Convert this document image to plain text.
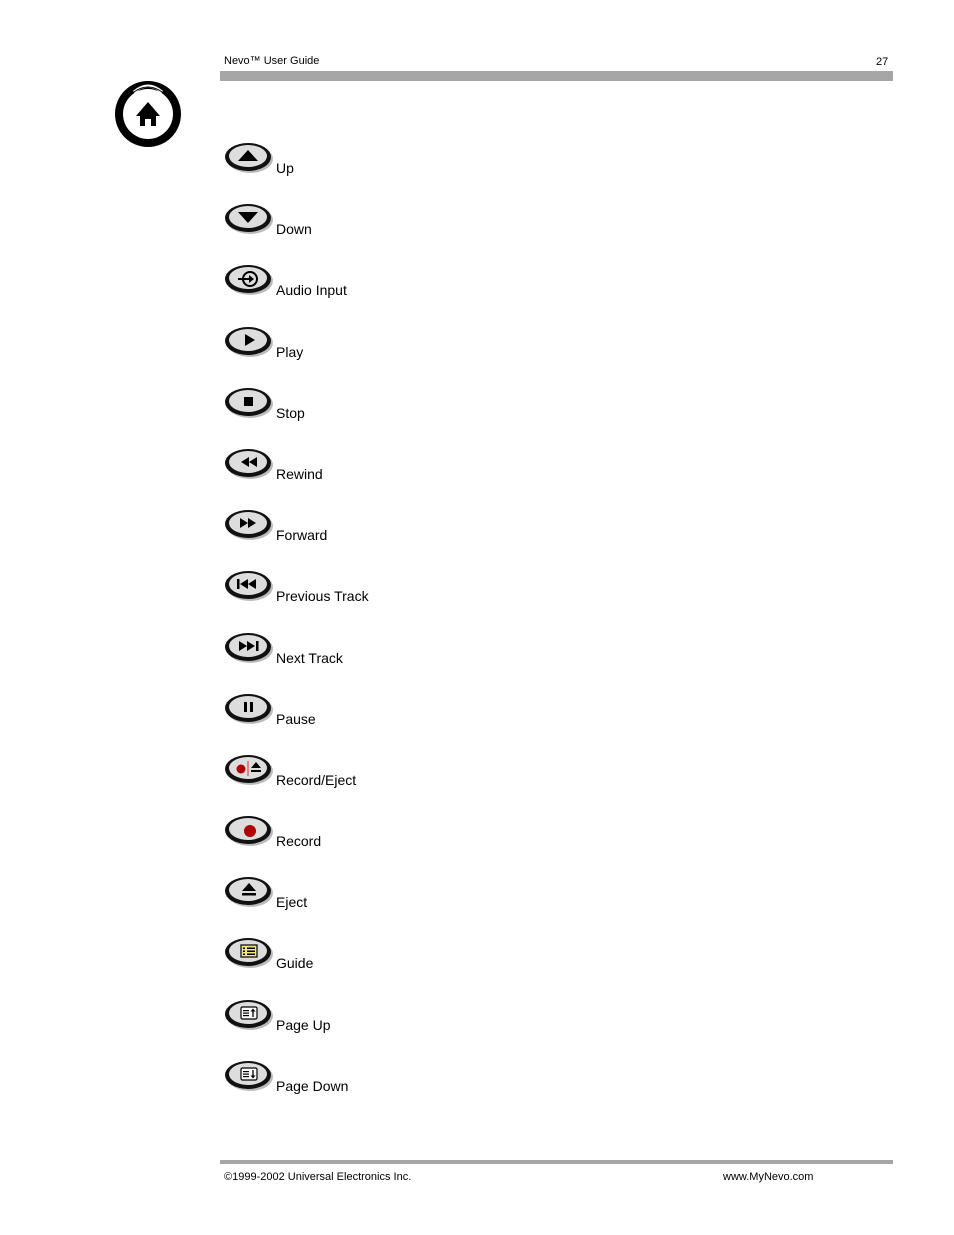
Nevo™ User Guide	27
Up
Down
Audio Input
Play
Stop
Rewind
Forward
Previous Track
Next Track
Pause
Record/Eject
Record
Eject
Guide
Page Up
Page Down
©1999-2002 Universal Electronics Inc.	www.MyNevo.com
